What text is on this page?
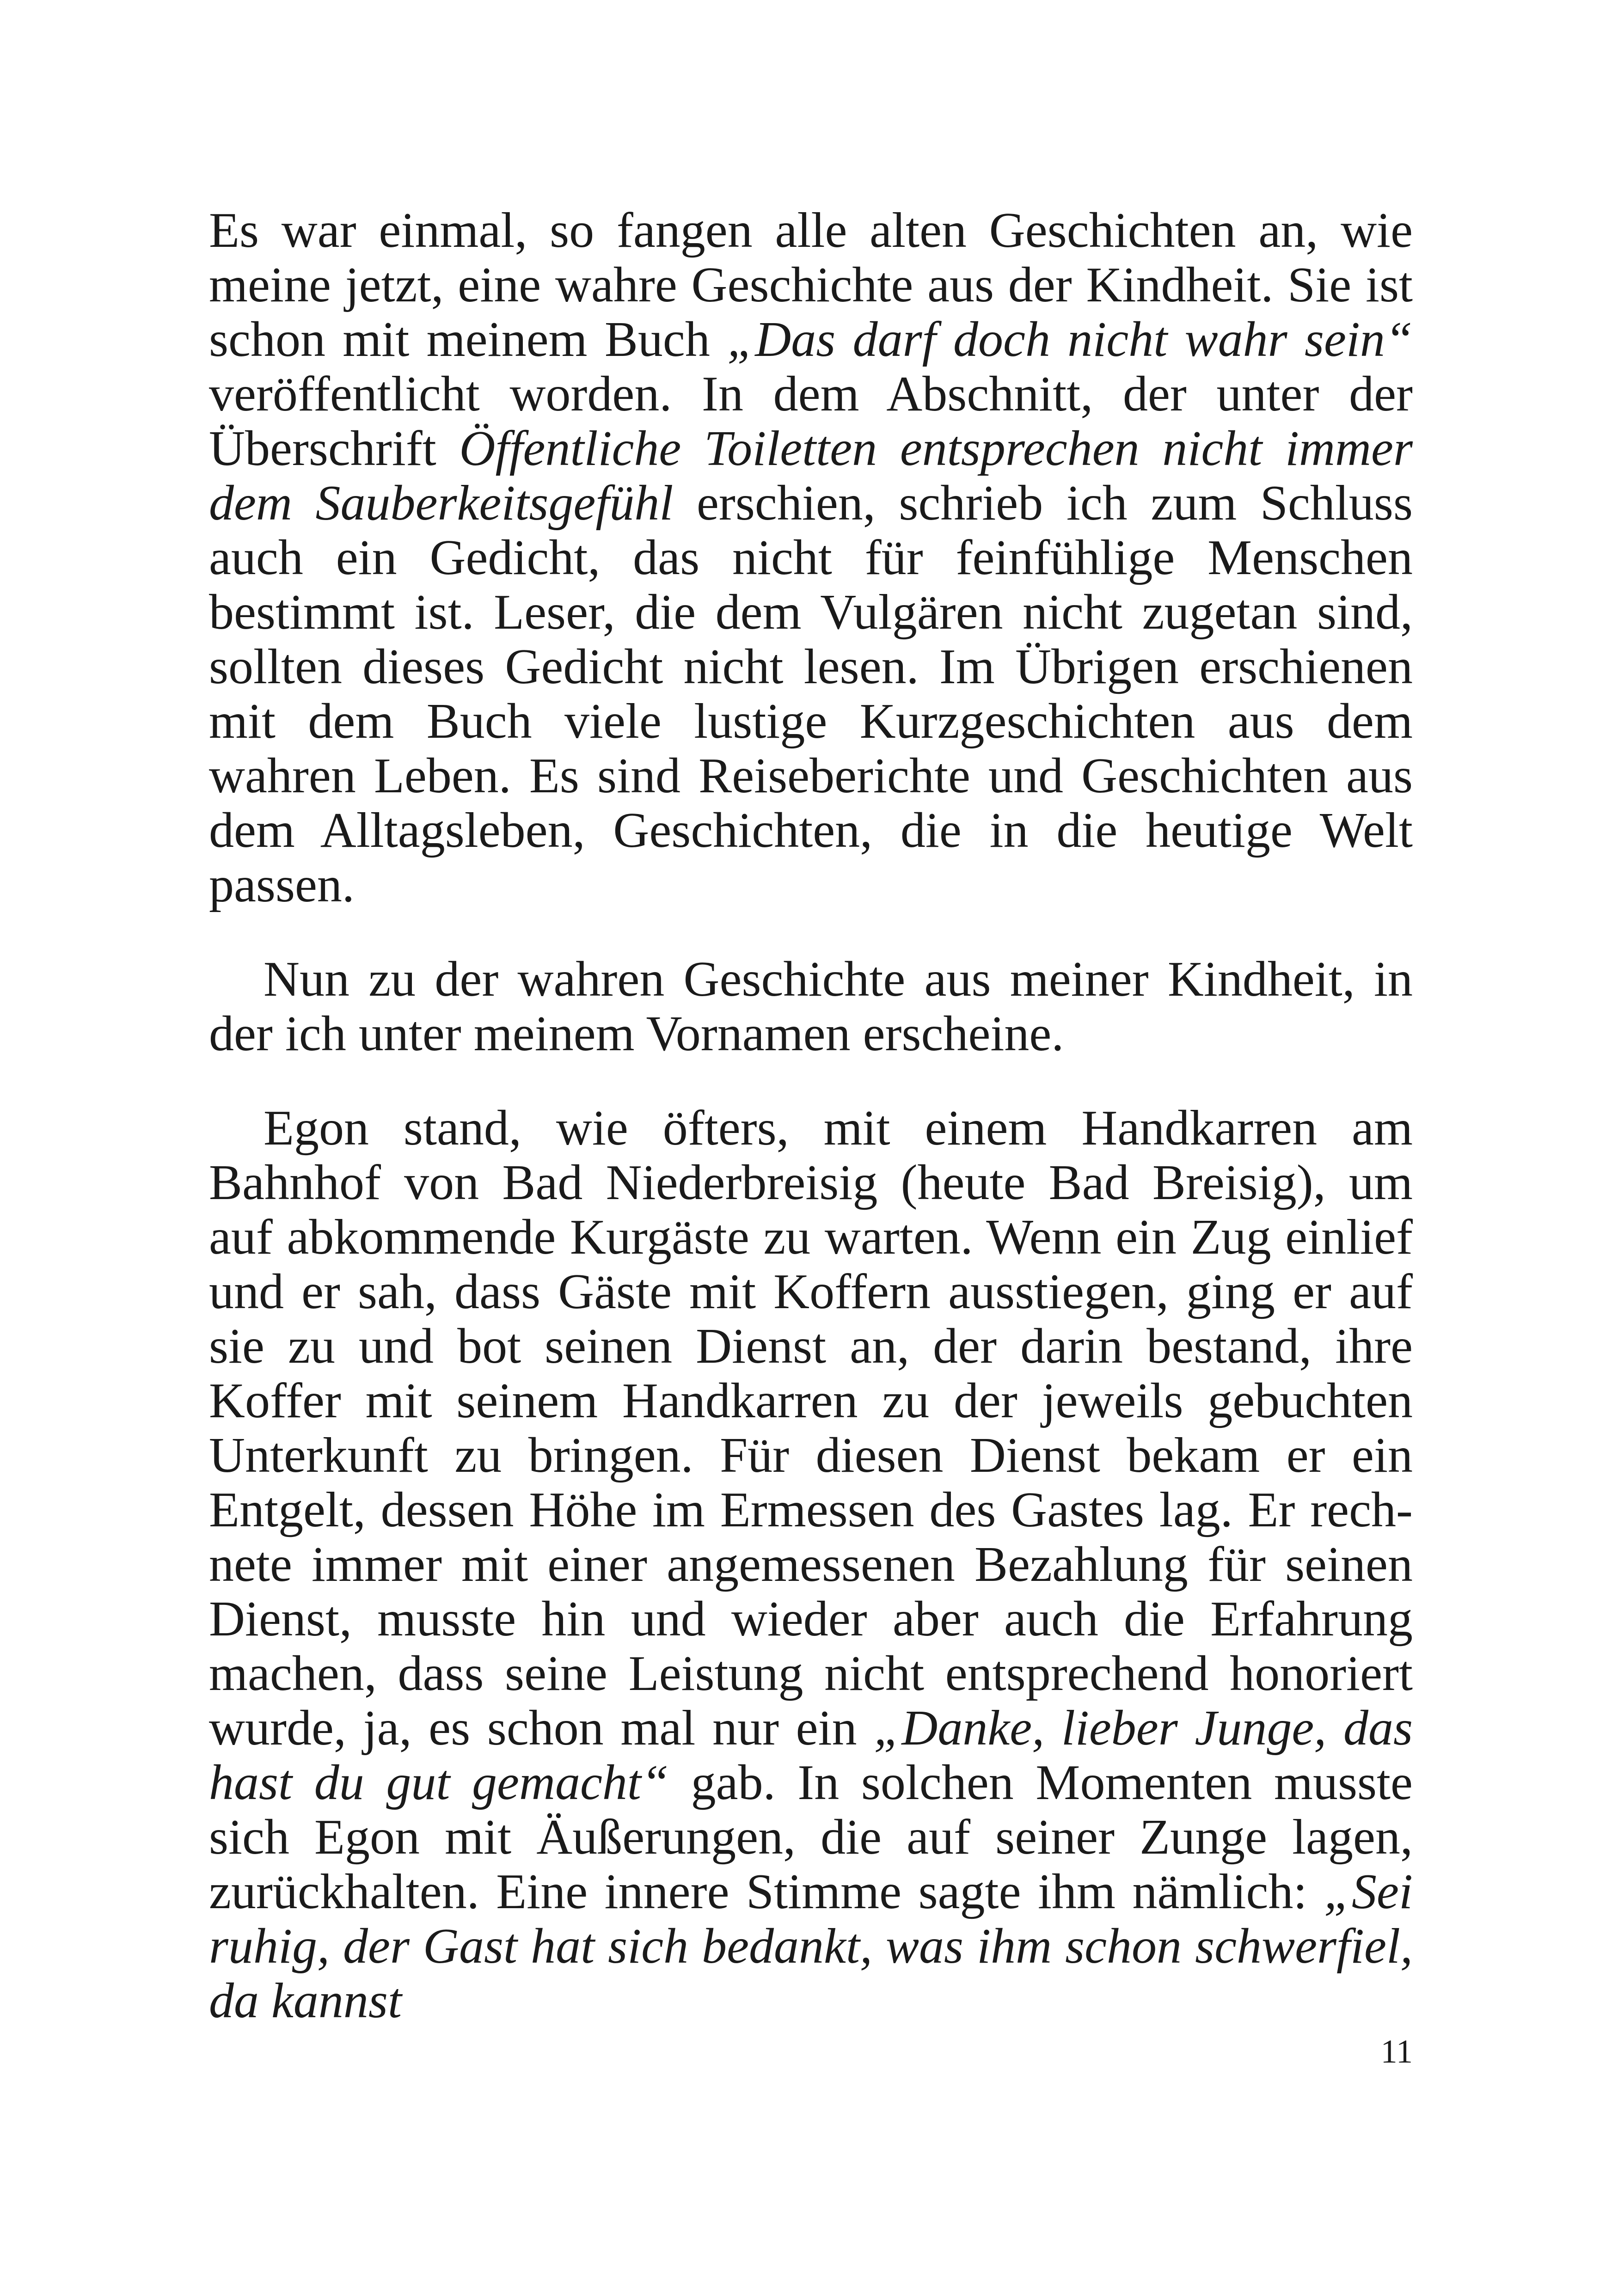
Es war einmal, so fangen alle alten Geschichten an, wie meine jetzt, eine wahre Geschichte aus der Kindheit. Sie ist schon mit meinem Buch „Das darf doch nicht wahr sein“ veröffentlicht worden. In dem Abschnitt, der unter der Überschrift Öffentliche Toiletten entsprechen nicht immer dem Sauberkeitsgefühl erschien, schrieb ich zum Schluss auch ein Gedicht, das nicht für feinfühlige Menschen bestimmt ist. Leser, die dem Vulgären nicht zugetan sind, sollten dieses Gedicht nicht lesen. Im Übrigen erschienen mit dem Buch viele lustige Kurzgeschichten aus dem wahren Leben. Es sind Reiseberichte und Geschichten aus dem Alltagsleben, Geschichten, die in die heutige Welt passen.

Nun zu der wahren Geschichte aus meiner Kindheit, in der ich unter meinem Vornamen erscheine.

Egon stand, wie öfters, mit einem Handkarren am Bahnhof von Bad Niederbreisig (heute Bad Breisig), um auf abkommende Kurgäste zu warten. Wenn ein Zug einlief und er sah, dass Gäste mit Koffern ausstiegen, ging er auf sie zu und bot seinen Dienst an, der darin bestand, ihre Koffer mit seinem Handkarren zu der jeweils gebuchten Unterkunft zu bringen. Für diesen Dienst bekam er ein Entgelt, dessen Höhe im Ermessen des Gastes lag. Er rechnete immer mit einer angemessenen Bezahlung für seinen Dienst, musste hin und wieder aber auch die Erfahrung machen, dass seine Leistung nicht entsprechend honoriert wurde, ja, es schon mal nur ein „Danke, lieber Junge, das hast du gut gemacht“ gab. In solchen Momenten musste sich Egon mit Äußerungen, die auf seiner Zunge lagen, zurückhalten. Eine innere Stimme sagte ihm nämlich: „Sei ruhig, der Gast hat sich bedankt, was ihm schon schwerfiel, da kannst

11
